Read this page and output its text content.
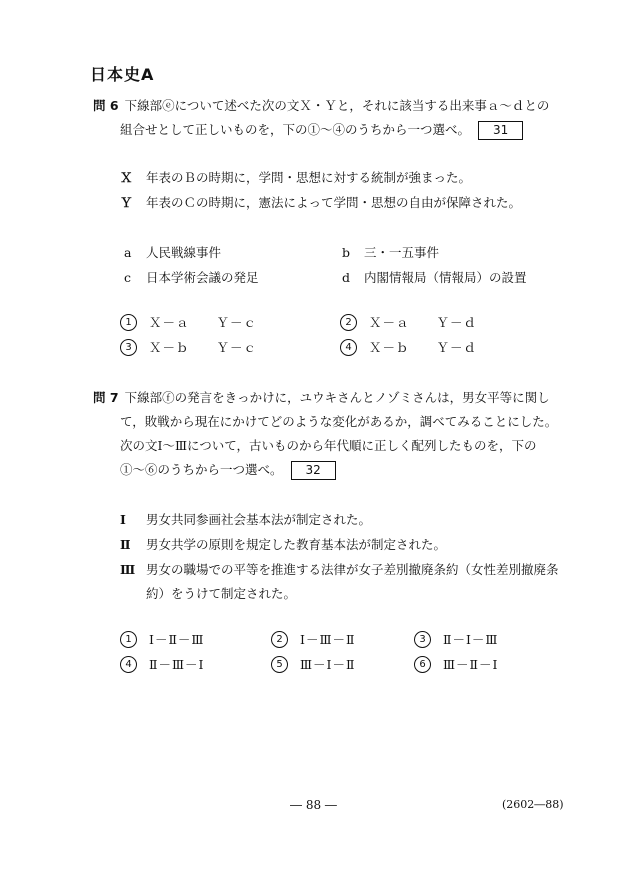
日本史A
問 6 下線部ⓔについて述べた次の文Ｘ・Ｙと，それに該当する出来事ａ～ｄとの
組合せとして正しいものを，下の①～④のうちから一つ選べ。 31
Ｘ 年表のＢの時期に，学問・思想に対する統制が強まった。
Ｙ 年表のＣの時期に，憲法によって学問・思想の自由が保障された。
a 人民戦線事件	b 三・一五事件
c 日本学術会議の発足	d 内閣情報局（情報局）の設置
1	Ｘ－ａ　　Ｙ－ｃ	2	Ｘ－ａ　　Ｙ－ｄ
3	Ｘ－ｂ　　Ｙ－ｃ	4	Ｘ－ｂ　　Ｙ－ｄ
問 7 下線部ⓕの発言をきっかけに，ユウキさんとノゾミさんは，男女平等に関し
て，敗戦から現在にかけてどのような変化があるか，調べてみることにした。
次の文Ⅰ～Ⅲについて，古いものから年代順に正しく配列したものを，下の
①～⑥のうちから一つ選べ。 32
Ⅰ 男女共同参画社会基本法が制定された。
Ⅱ 男女共学の原則を規定した教育基本法が制定された。
Ⅲ 男女の職場での平等を推進する法律が女子差別撤廃条約（女性差別撤廃条
約）をうけて制定された。
1	Ⅰ－Ⅱ－Ⅲ	2	Ⅰ－Ⅲ－Ⅱ	3	Ⅱ－Ⅰ－Ⅲ
4	Ⅱ－Ⅲ－Ⅰ	5	Ⅲ－Ⅰ－Ⅱ	6	Ⅲ－Ⅱ－Ⅰ
― 88 ―	(2602―88)
